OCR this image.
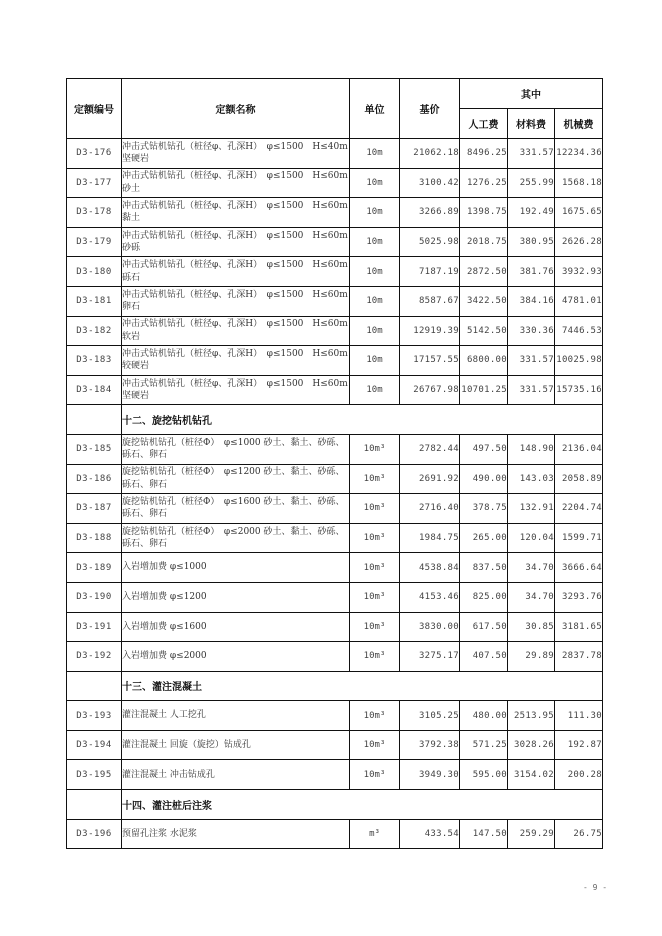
定额编号	定额名称	单位	基价	其中		
				人工费	材料费	机械费
D3-176	冲击式钻机钻孔（桩径φ、孔深H）　φ≤1500　H≤40m 坚硬岩	10m	21062.18	8496.25	331.57	12234.36
D3-177	冲击式钻机钻孔（桩径φ、孔深H）　φ≤1500　H≤60m 砂土	10m	3100.42	1276.25	255.99	1568.18
D3-178	冲击式钻机钻孔（桩径φ、孔深H）　φ≤1500　H≤60m 黏土	10m	3266.89	1398.75	192.49	1675.65
D3-179	冲击式钻机钻孔（桩径φ、孔深H）　φ≤1500　H≤60m 砂砾	10m	5025.98	2018.75	380.95	2626.28
D3-180	冲击式钻机钻孔（桩径φ、孔深H）　φ≤1500　H≤60m 砾石	10m	7187.19	2872.50	381.76	3932.93
D3-181	冲击式钻机钻孔（桩径φ、孔深H）　φ≤1500　H≤60m 卵石	10m	8587.67	3422.50	384.16	4781.01
D3-182	冲击式钻机钻孔（桩径φ、孔深H）　φ≤1500　H≤60m 软岩	10m	12919.39	5142.50	330.36	7446.53
D3-183	冲击式钻机钻孔（桩径φ、孔深H）　φ≤1500　H≤60m 较硬岩	10m	17157.55	6800.00	331.57	10025.98
D3-184	冲击式钻机钻孔（桩径φ、孔深H）　φ≤1500　H≤60m 坚硬岩	10m	26767.98	10701.25	331.57	15735.16
	十二、旋挖钻机钻孔					
D3-185	旋挖钻机钻孔（桩径Φ）　φ≤1000 砂土、黏土、砂砾、砾石、卵石	10m³	2782.44	497.50	148.90	2136.04
D3-186	旋挖钻机钻孔（桩径Φ）　φ≤1200 砂土、黏土、砂砾、砾石、卵石	10m³	2691.92	490.00	143.03	2058.89
D3-187	旋挖钻机钻孔（桩径Φ）　φ≤1600 砂土、黏土、砂砾、砾石、卵石	10m³	2716.40	378.75	132.91	2204.74
D3-188	旋挖钻机钻孔（桩径Φ）　φ≤2000 砂土、黏土、砂砾、砾石、卵石	10m³	1984.75	265.00	120.04	1599.71
D3-189	入岩增加费 φ≤1000	10m³	4538.84	837.50	34.70	3666.64
D3-190	入岩增加费 φ≤1200	10m³	4153.46	825.00	34.70	3293.76
D3-191	入岩增加费 φ≤1600	10m³	3830.00	617.50	30.85	3181.65
D3-192	入岩增加费 φ≤2000	10m³	3275.17	407.50	29.89	2837.78
	十三、灌注混凝土					
D3-193	灌注混凝土 人工挖孔	10m³	3105.25	480.00	2513.95	111.30
D3-194	灌注混凝土 回旋（旋挖）钻成孔	10m³	3792.38	571.25	3028.26	192.87
D3-195	灌注混凝土 冲击钻成孔	10m³	3949.30	595.00	3154.02	200.28
	十四、灌注桩后注浆					
D3-196	预留孔注浆 水泥浆	m³	433.54	147.50	259.29	26.75
- 9 -
